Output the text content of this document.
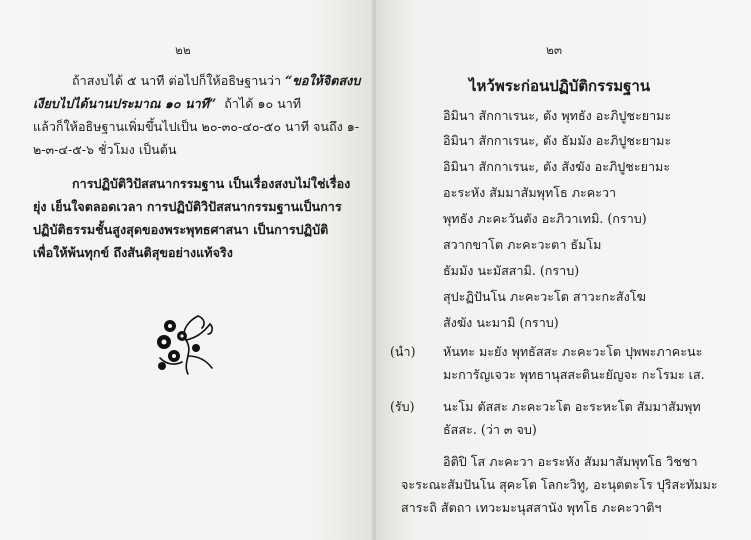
๒๒
ถ้าสงบได้ ๕ นาที ต่อไปก็ให้อธิษฐานว่า “ขอให้จิตสงบ
เงียบไปได้นานประมาณ ๑๐ นาที” ถ้าได้ ๑๐ นาที
แล้วก็ให้อธิษฐานเพิ่มขึ้นไปเป็น ๒๐-๓๐-๔๐-๕๐ นาที จนถึง ๑-
๒-๓-๔-๕-๖ ชั่วโมง เป็นต้น
การปฏิบัติวิปัสสนากรรมฐาน เป็นเรื่องสงบไม่ใช่เรื่อง
ยุ่ง เย็นใจตลอดเวลา การปฏิบัติวิปัสสนากรรมฐานเป็นการ
ปฏิบัติธรรมชั้นสูงสุดของพระพุทธศาสนา เป็นการปฏิบัติ
เพื่อให้พ้นทุกข์ ถึงสันติสุขอย่างแท้จริง
๒๓
ไหว้พระก่อนปฏิบัติกรรมฐาน
อิมินา สักกาเรนะ, ตัง พุทธัง อะภิปูชะยามะ
อิมินา สักกาเรนะ, ตัง ธัมมัง อะภิปูชะยามะ
อิมินา สักกาเรนะ, ตัง สังฆัง อะภิปูชะยามะ
อะระหัง สัมมาสัมพุทโธ ภะคะวา
พุทธัง ภะคะวันตัง อะภิวาเทมิ. (กราบ)
สวากขาโต ภะคะวะตา ธัมโม
ธัมมัง นะมัสสามิ. (กราบ)
สุปะฏิปันโน ภะคะวะโต สาวะกะสังโฆ
สังฆัง นะมามิ (กราบ)
(นำ) หันทะ มะยัง พุทธัสสะ ภะคะวะโต ปุพพะภาคะนะ
มะการัญเจวะ พุทธานุสสะตินะยัญจะ กะโรมะ เส.
(รับ) นะโม ตัสสะ ภะคะวะโต อะระหะโต สัมมาสัมพุท
ธัสสะ. (ว่า ๓ จบ)
อิติปิ โส ภะคะวา อะระหัง สัมมาสัมพุทโธ วิชชา
จะระณะสัมปันโน สุคะโต โลกะวิทู, อะนุตตะโร ปุริสะทัมมะ
สาระถิ สัตถา เทวะมะนุสสานัง พุทโธ ภะคะวาติฯ
